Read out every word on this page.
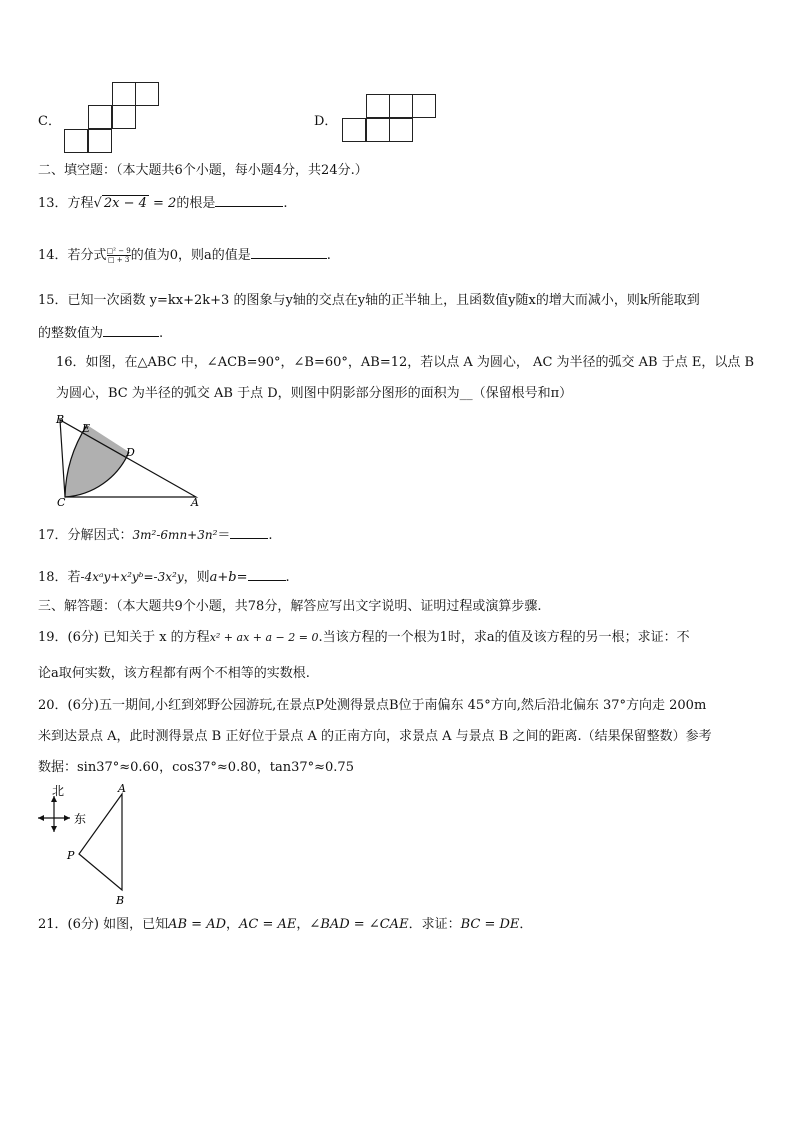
C．	D．
二、填空题：（本大题共6个小题，每小题4分，共24分.）
13．方程√ 2x − 4 = 2的根是	.
14．若分式 $\frac{\text{□² − 9}}{□ + 3}$ 的值为0，则a的值是	.
15．已知一次函数 y=kx+2k+3 的图象与y轴的交点在y轴的正半轴上，且函数值y随x的增大而减小，则k所能取到
的整数值为	.
16．如图，在△ABC 中，∠ACB=90°，∠B=60°，AB=12，若以点 A 为圆心， AC 为半径的弧交 AB 于点 E，以点 B
为圆心，BC 为半径的弧交 AB 于点 D，则图中阴影部分图形的面积为__（保留根号和π）
B
E
D
C	A
17．分解因式：3m²-6mn+3n²＝	.
18．若-4xᵃy+x²yᵇ=-3x²y，则a+b=	.
三、解答题：（本大题共9个小题，共78分，解答应写出文字说明、证明过程或演算步骤.
19．(6分) 已知关于 x 的方程x² + ax + a − 2 = 0.当该方程的一个根为1时，求a的值及该方程的另一根；求证：不
论a取何实数，该方程都有两个不相等的实数根.
20．(6分)五一期间,小红到郊野公园游玩,在景点P处测得景点B位于南偏东 45°方向,然后沿北偏东 37°方向走 200m
米到达景点 A，此时测得景点 B 正好位于景点 A 的正南方向，求景点 A 与景点 B 之间的距离.（结果保留整数）参考
数据：sin37°≈0.60，cos37°≈0.80，tan37°≈0.75
北
东
A
P
B
21．(6分) 如图，已知AB = AD，AC = AE，∠BAD = ∠CAE．求证：BC = DE．
